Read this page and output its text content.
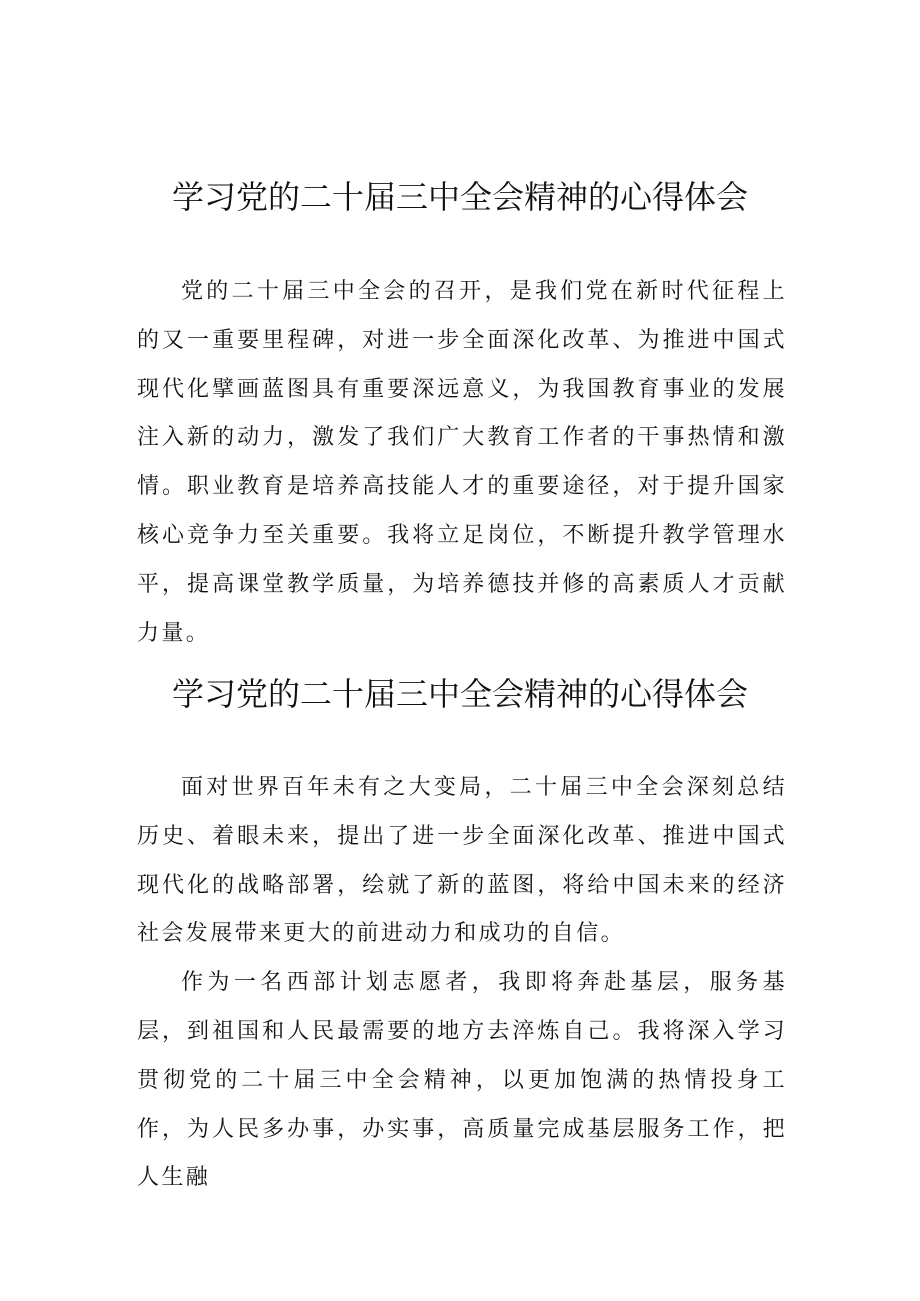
学习党的二十届三中全会精神的心得体会

党的二十届三中全会的召开，是我们党在新时代征程上的又一重要里程碑，对进一步全面深化改革、为推进中国式现代化擘画蓝图具有重要深远意义，为我国教育事业的发展注入新的动力，激发了我们广大教育工作者的干事热情和激情。职业教育是培养高技能人才的重要途径，对于提升国家核心竞争力至关重要。我将立足岗位，不断提升教学管理水平，提高课堂教学质量，为培养德技并修的高素质人才贡献力量。

学习党的二十届三中全会精神的心得体会

面对世界百年未有之大变局，二十届三中全会深刻总结历史、着眼未来，提出了进一步全面深化改革、推进中国式现代化的战略部署，绘就了新的蓝图，将给中国未来的经济社会发展带来更大的前进动力和成功的自信。

作为一名西部计划志愿者，我即将奔赴基层，服务基层，到祖国和人民最需要的地方去淬炼自己。我将深入学习贯彻党的二十届三中全会精神，以更加饱满的热情投身工作，为人民多办事，办实事，高质量完成基层服务工作，把人生融
